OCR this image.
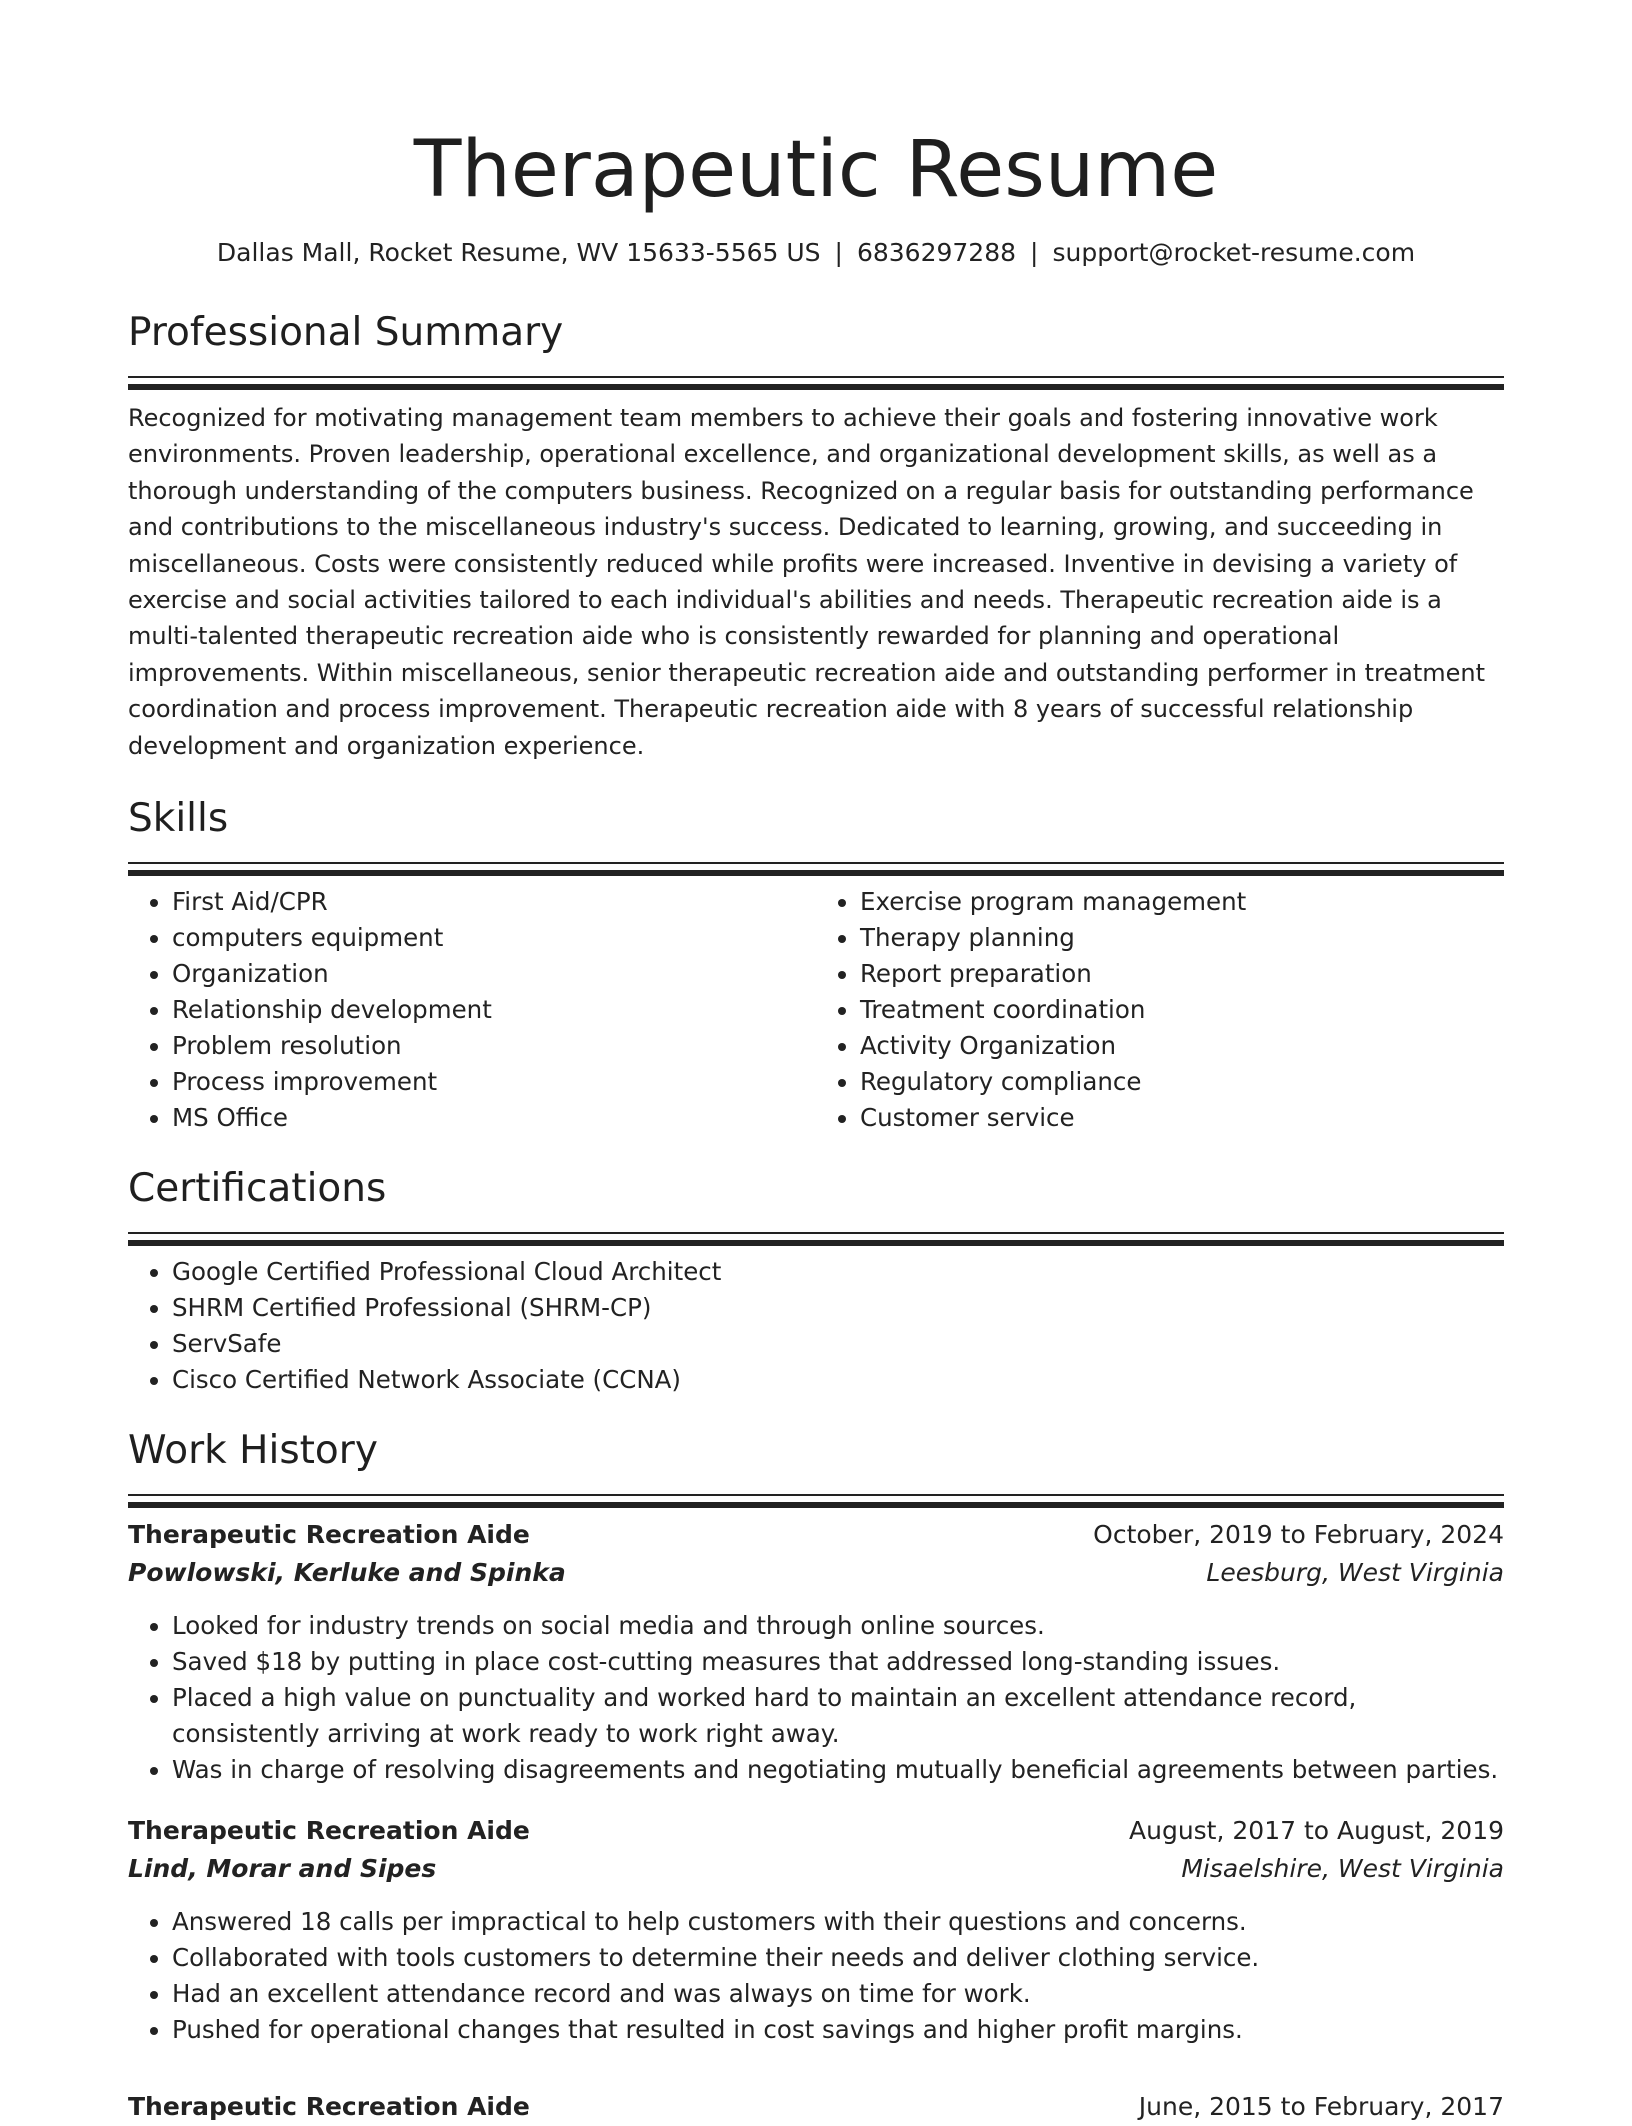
Therapeutic Resume
Dallas Mall, Rocket Resume, WV 15633-5565 US | 6836297288 | support@rocket-resume.com
Professional Summary

Recognized for motivating management team members to achieve their goals and fostering innovative work environments. Proven leadership, operational excellence, and organizational development skills, as well as a thorough understanding of the computers business. Recognized on a regular basis for outstanding performance and contributions to the miscellaneous industry's success. Dedicated to learning, growing, and succeeding in miscellaneous. Costs were consistently reduced while profits were increased. Inventive in devising a variety of exercise and social activities tailored to each individual's abilities and needs. Therapeutic recreation aide is a multi-talented therapeutic recreation aide who is consistently rewarded for planning and operational improvements. Within miscellaneous, senior therapeutic recreation aide and outstanding performer in treatment coordination and process improvement. Therapeutic recreation aide with 8 years of successful relationship development and organization experience.

Skills
• First Aid/CPR
• computers equipment
• Organization
• Relationship development
• Problem resolution
• Process improvement
• MS Office
• Exercise program management
• Therapy planning
• Report preparation
• Treatment coordination
• Activity Organization
• Regulatory compliance
• Customer service
Certifications
• Google Certified Professional Cloud Architect
• SHRM Certified Professional (SHRM-CP)
• ServSafe
• Cisco Certified Network Associate (CCNA)
Work History
Therapeutic Recreation Aide	October, 2019 to February, 2024
Powlowski, Kerluke and Spinka	Leesburg, West Virginia
• Looked for industry trends on social media and through online sources.
• Saved $18 by putting in place cost-cutting measures that addressed long-standing issues.
• Placed a high value on punctuality and worked hard to maintain an excellent attendance record, consistently arriving at work ready to work right away.
• Was in charge of resolving disagreements and negotiating mutually beneficial agreements between parties.
Therapeutic Recreation Aide	August, 2017 to August, 2019
Lind, Morar and Sipes	Misaelshire, West Virginia
• Answered 18 calls per impractical to help customers with their questions and concerns.
• Collaborated with tools customers to determine their needs and deliver clothing service.
• Had an excellent attendance record and was always on time for work.
• Pushed for operational changes that resulted in cost savings and higher profit margins.
Therapeutic Recreation Aide	June, 2015 to February, 2017
